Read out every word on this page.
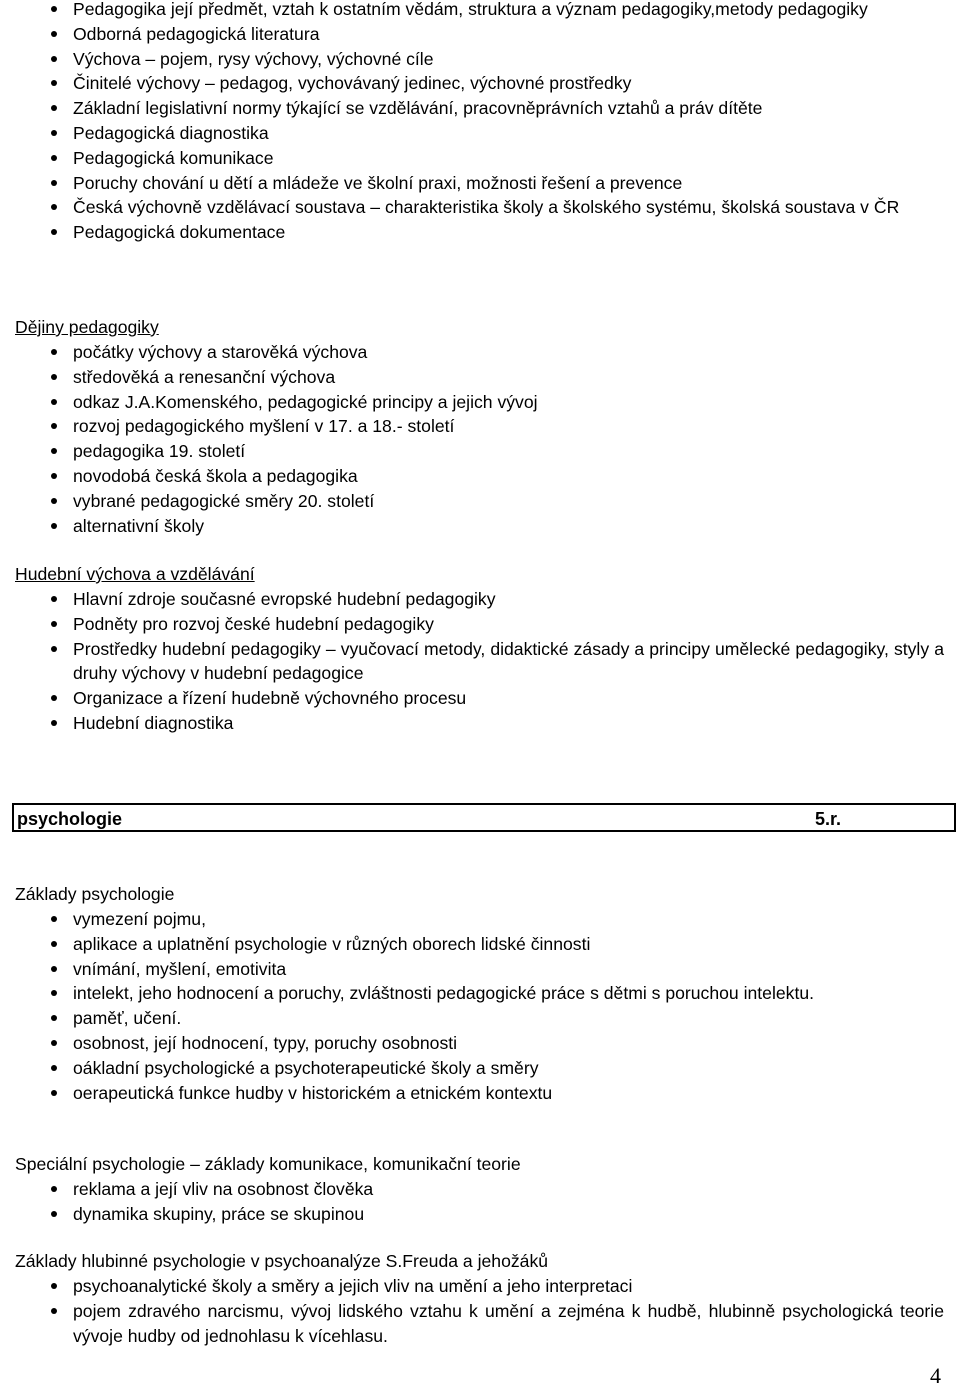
Pedagogika její předmět, vztah k ostatním vědám, struktura a význam pedagogiky,metody pedagogiky
Odborná pedagogická literatura
Výchova – pojem, rysy výchovy, výchovné cíle
Činitelé výchovy – pedagog, vychovávaný jedinec, výchovné prostředky
Základní legislativní normy týkající se vzdělávání, pracovněprávních vztahů a práv dítěte
Pedagogická diagnostika
Pedagogická komunikace
Poruchy chování u dětí a mládeže ve školní praxi, možnosti řešení a prevence
Česká výchovně vzdělávací soustava – charakteristika školy a školského systému, školská soustava v ČR
Pedagogická dokumentace
Dějiny pedagogiky
počátky výchovy a starověká výchova
středověká a renesanční výchova
odkaz J.A.Komenského, pedagogické principy a jejich vývoj
rozvoj pedagogického myšlení v 17. a 18.- století
pedagogika 19. století
novodobá česká škola a pedagogika
vybrané pedagogické směry 20. století
alternativní školy
Hudební výchova a vzdělávání
Hlavní zdroje současné evropské hudební pedagogiky
Podněty pro rozvoj české hudební pedagogiky
Prostředky hudební pedagogiky – vyučovací metody, didaktické zásady a principy umělecké pedagogiky, styly a druhy výchovy v hudební pedagogice
Organizace a řízení hudebně výchovného procesu
Hudební diagnostika
psychologie	5.r.
Základy psychologie
vymezení pojmu,
aplikace a uplatnění psychologie v různých oborech lidské činnosti
vnímání, myšlení, emotivita
intelekt, jeho hodnocení a poruchy, zvláštnosti pedagogické práce s dětmi s poruchou intelektu.
paměť, učení.
osobnost, její hodnocení, typy, poruchy osobnosti
oákladní psychologické a psychoterapeutické školy a směry
oerapeutická funkce hudby v historickém a etnickém kontextu
Speciální psychologie – základy komunikace, komunikační teorie
reklama a její vliv na osobnost člověka
dynamika skupiny, práce se skupinou
Základy hlubinné psychologie v psychoanalýze S.Freuda a jehožáků
psychoanalytické školy a směry a jejich vliv na umění a jeho interpretaci
pojem zdravého narcismu, vývoj lidského vztahu k umění a zejména k hudbě, hlubinně psychologická teorie vývoje hudby od jednohlasu k vícehlasu.
4
